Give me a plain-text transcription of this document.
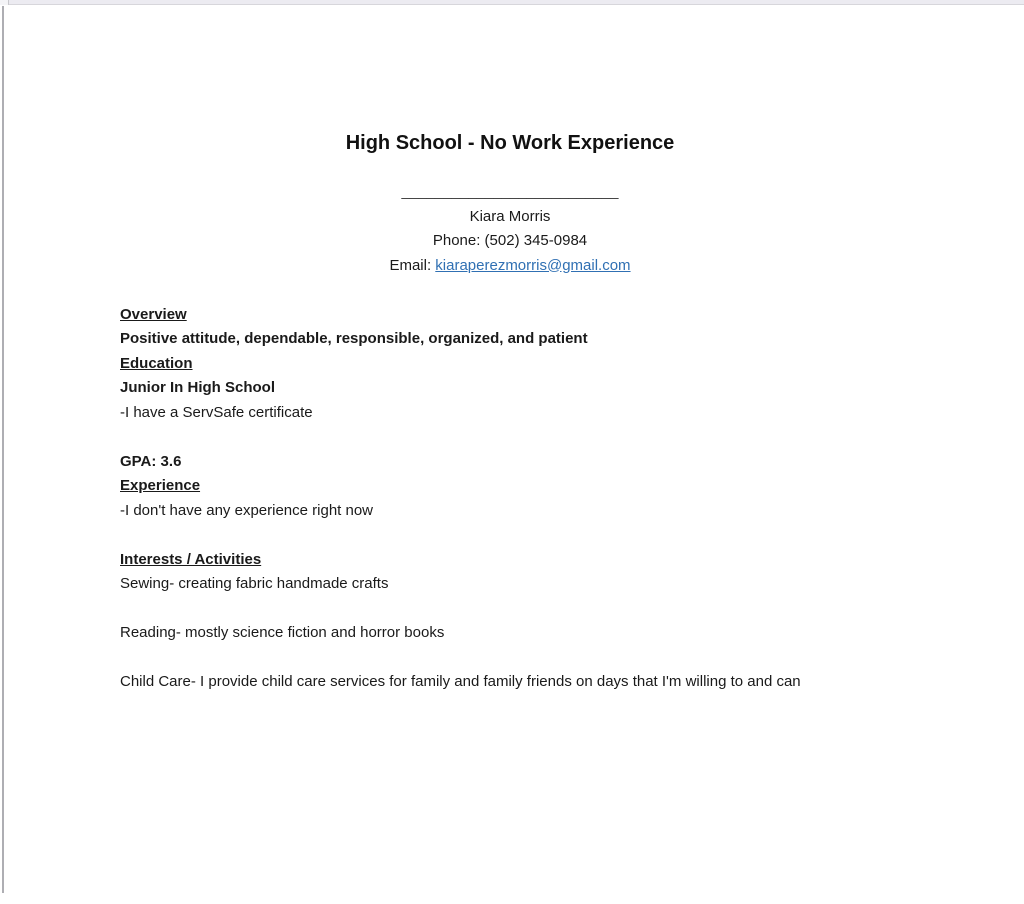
High School - No Work Experience

__________________________

Kiara Morris

Phone: (502) 345-0984

Email: kiaraperezmorris@gmail.com

Overview

Positive attitude, dependable, responsible, organized, and patient

Education

Junior In High School

-I have a ServSafe certificate

GPA: 3.6

Experience

-I don't have any experience right now

Interests / Activities

Sewing- creating fabric handmade crafts

Reading- mostly science fiction and horror books

Child Care- I provide child care services for family and family friends on days that I'm willing to and can
